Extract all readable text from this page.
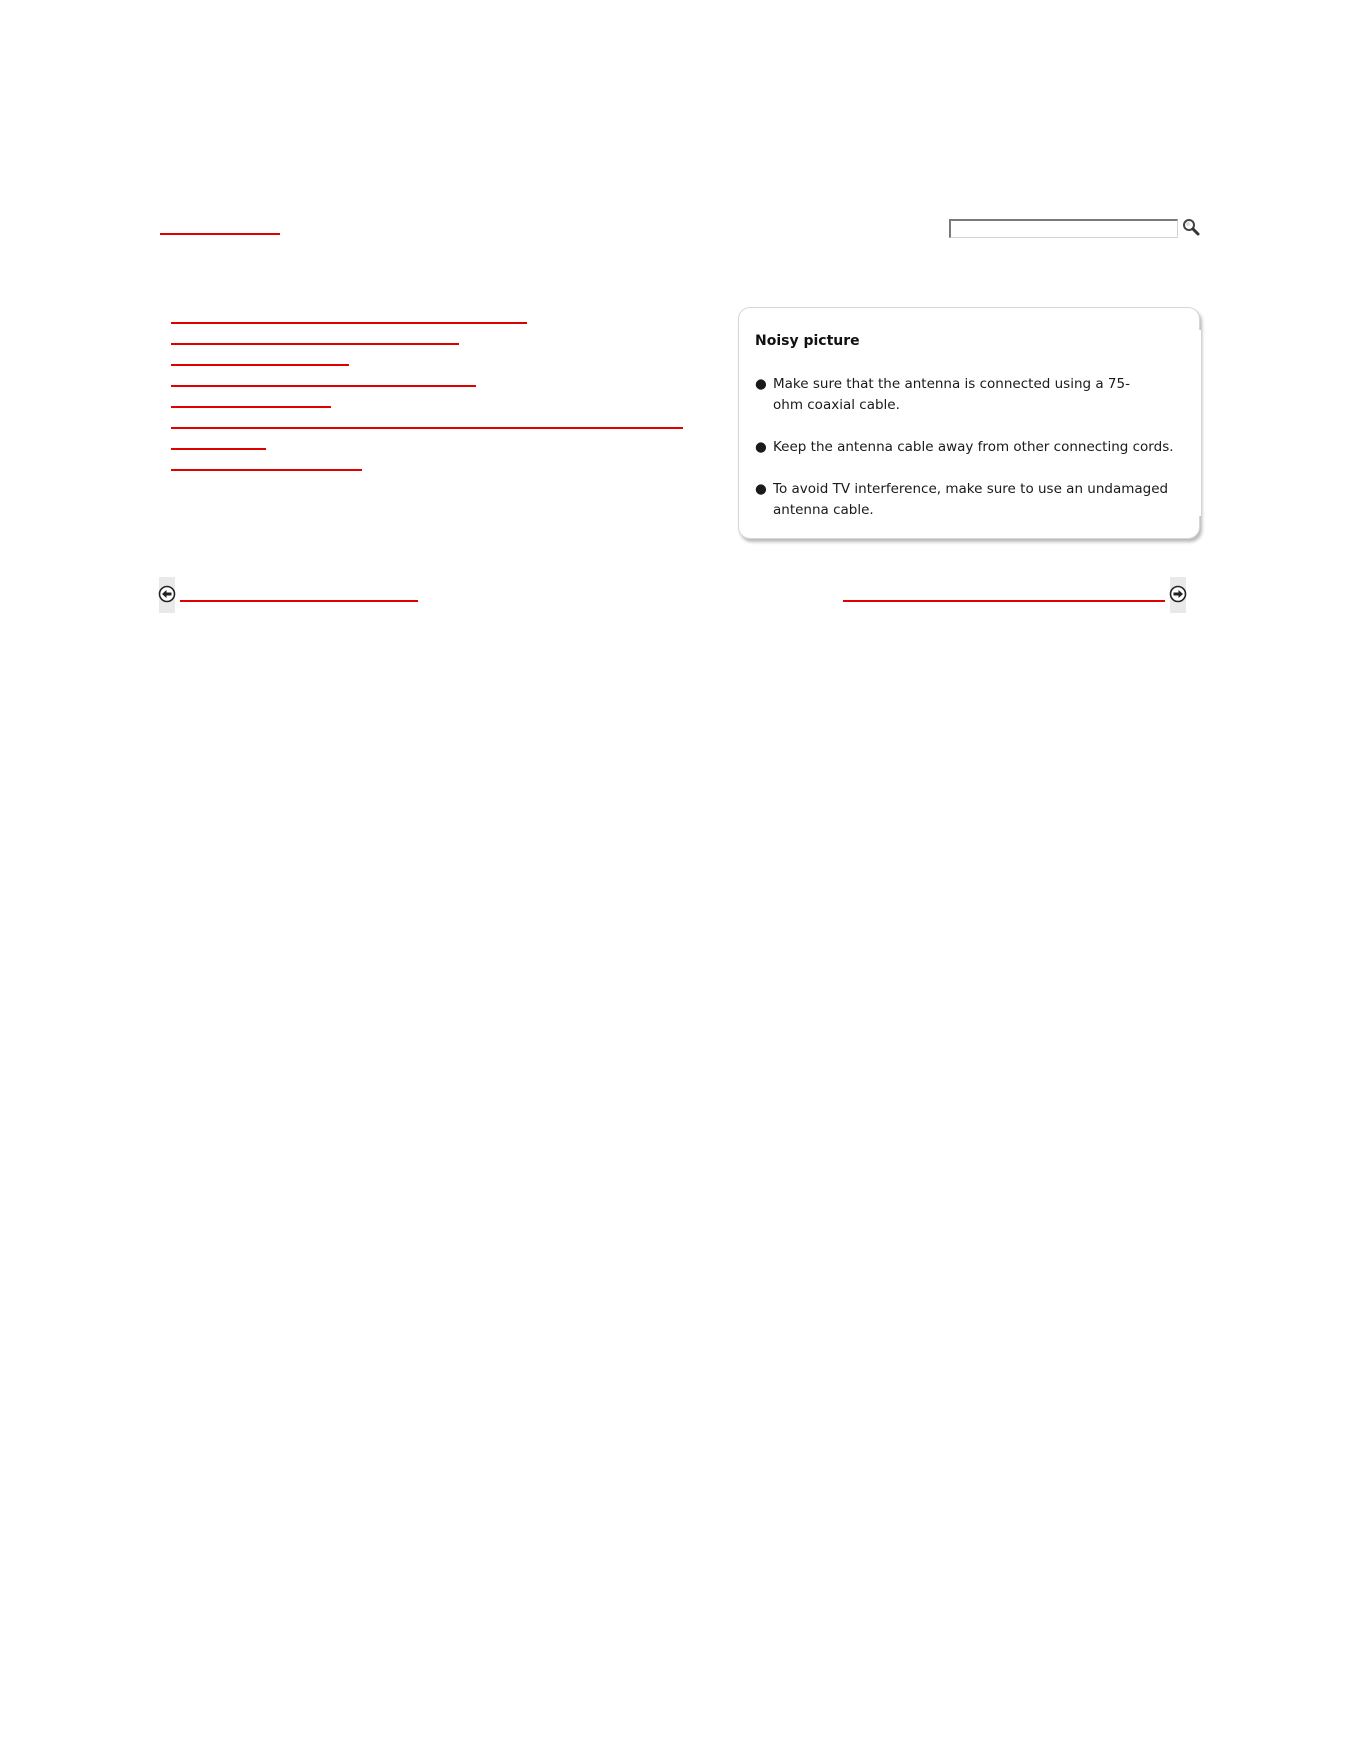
Noisy picture
● Make sure that the antenna is connected using a 75-ohm coaxial cable.
● Keep the antenna cable away from other connecting cords.
● To avoid TV interference, make sure to use an undamaged antenna cable.
